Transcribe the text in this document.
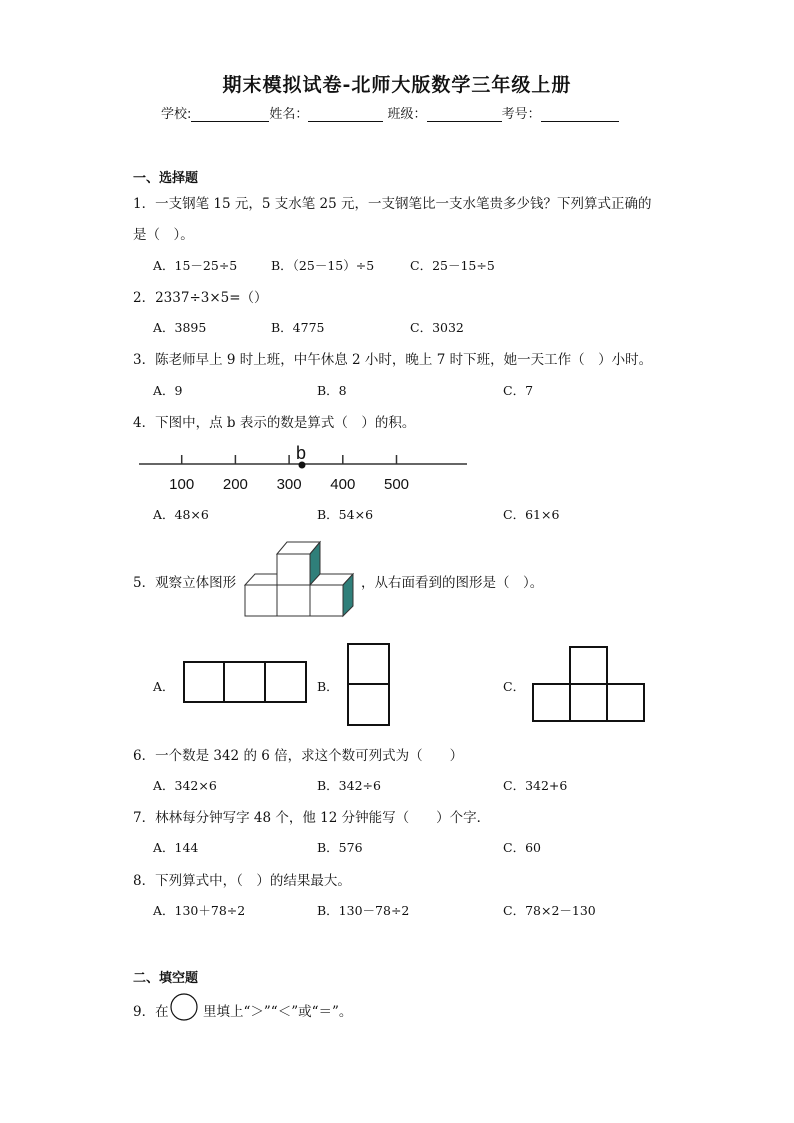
期末模拟试卷-北师大版数学三年级上册
学校:	姓名：	班级：	考号：
一、选择题
1．一支钢笔 15 元，5 支水笔 25 元，一支钢笔比一支水笔贵多少钱？下列算式正确的
是（　）。
A．15－25÷5	B．（25－15）÷5	C．25－15÷5
2．2337÷3×5=（）
A．3895	B．4775	C．3032
3．陈老师早上 9 时上班，中午休息 2 小时，晚上 7 时下班，她一天工作（　）小时。
A．9	B．8	C．7
4．下图中，点 b 表示的数是算式（　）的积。
100 200 300 400 500
b
A．48×6	B．54×6	C．61×6
5．观察立体图形	，从右面看到的图形是（　）。
A．	B．	C．
6．一个数是 342 的 6 倍，求这个数可列式为（　　）
A．342×6	B．342÷6	C．342+6
7．林林每分钟写字 48 个，他 12 分钟能写（　　）个字．
A．144	B．576	C．60
8．下列算式中，（　）的结果最大。
A．130＋78÷2	B．130－78÷2	C．78×2－130
二、填空题
9．在	里填上“＞”“＜”或“＝”。
